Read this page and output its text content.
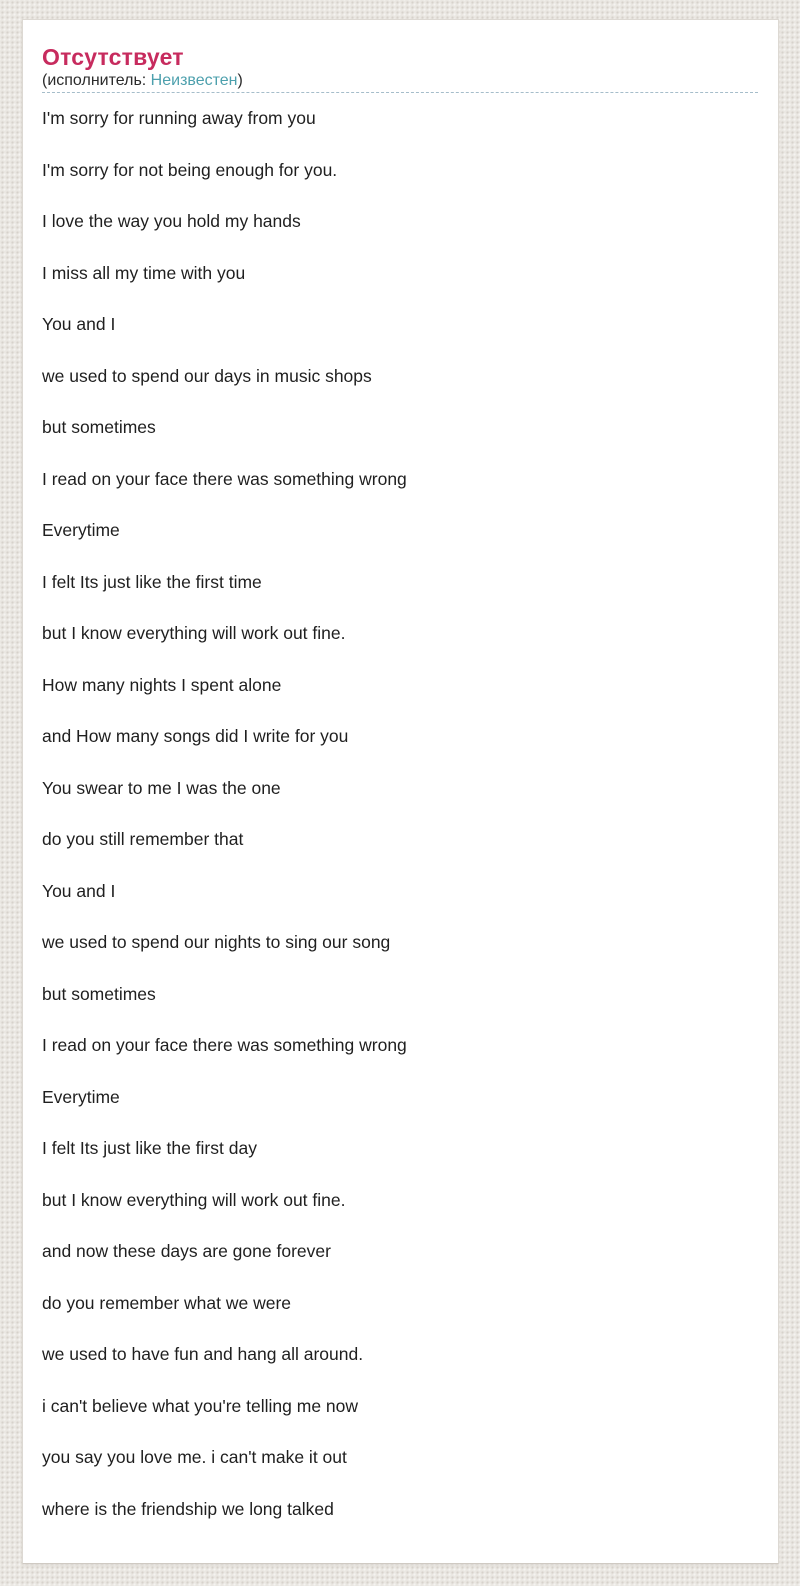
Отсутствует
(исполнитель: Неизвестен)

I'm sorry for running away from you

I'm sorry for not being enough for you.

I love the way you hold my hands

I miss all my time with you

You and I

we used to spend our days in music shops

but sometimes

I read on your face there was something wrong

Everytime

I felt Its just like the first time

but I know everything will work out fine.

How many nights I spent alone

and How many songs did I write for you

You swear to me I was the one

do you still remember that

You and I

we used to spend our nights to sing our song

but sometimes

I read on your face there was something wrong

Everytime

I felt Its just like the first day

but I know everything will work out fine.

and now these days are gone forever

do you remember what we were

we used to have fun and hang all around.

i can't believe what you're telling me now

you say you love me. i can't make it out

where is the friendship we long talked
